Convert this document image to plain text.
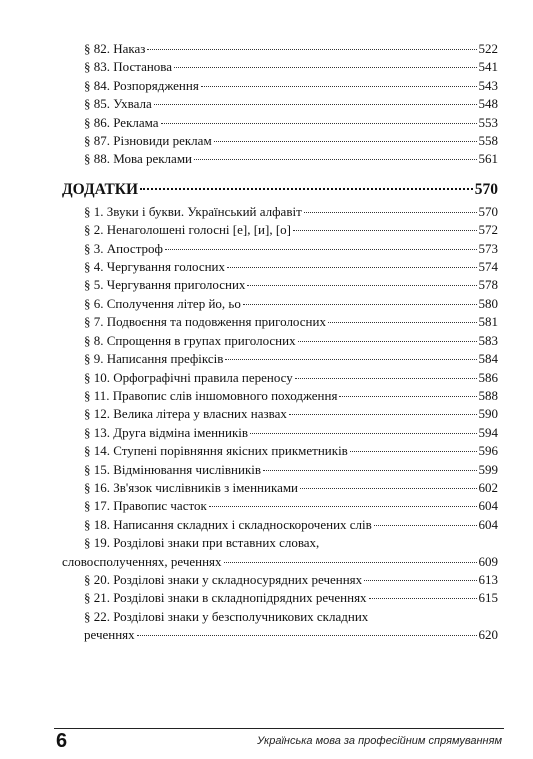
§ 82. Наказ	522
§ 83. Постанова	541
§ 84. Розпорядження	543
§ 85. Ухвала	548
§ 86. Реклама	553
§ 87. Різновиди реклам	558
§ 88. Мова реклами	561
ДОДАТКИ	570
§ 1. Звуки і букви. Український алфавіт	570
§ 2. Ненаголошені голосні [е], [и], [о]	572
§ 3. Апостроф	573
§ 4. Чергування голосних	574
§ 5. Чергування приголосних	578
§ 6. Сполучення літер йо, ьо	580
§ 7. Подвоєння та подовження приголосних	581
§ 8. Спрощення в групах приголосних	583
§ 9. Написання префіксів	584
§ 10. Орфографічні правила переносу	586
§ 11. Правопис слів іншомовного походження	588
§ 12. Велика літера у власних назвах	590
§ 13. Друга відміна іменників	594
§ 14. Ступені порівняння якісних прикметників	596
§ 15. Відмінювання числівників	599
§ 16. Зв'язок числівників з іменниками	602
§ 17. Правопис часток	604
§ 18. Написання складних і складноскорочених слів	604
§ 19. Розділові знаки при вставних словах,
словосполученнях, реченнях	609
§ 20. Розділові знаки у складносурядних реченнях	613
§ 21. Розділові знаки в складнопідрядних реченнях	615
§ 22. Розділові знаки у безсполучникових складних
реченнях	620
6	Українська мова за професійним спрямуванням
